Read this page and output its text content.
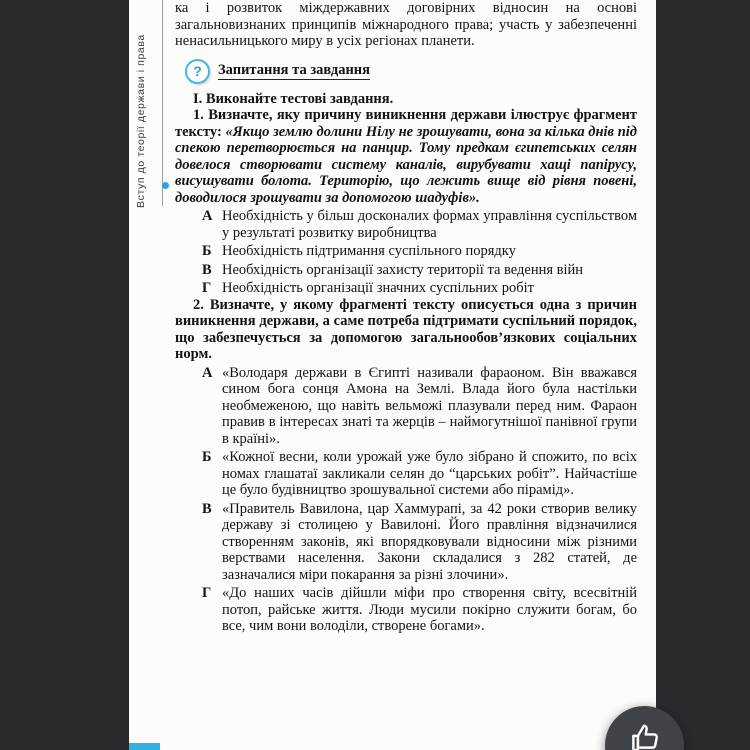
Вступ до теорії держави і права

ка і розвиток міждержавних договірних відносин на основі загальновизнаних принципів міжнародного права; участь у забезпеченні ненасильницького миру в усіх регіонах планети.

?	Запитання та завдання

І. Виконайте тестові завдання.

1. Визначте, яку причину виникнення держави ілюструє фрагмент тексту: «Якщо землю долини Нілу не зрошувати, вона за кілька днів під спекою перетворюється на панцир. Тому предкам єгипетських селян довелося створювати систему каналів, вирубувати хащі папірусу, висушувати болота. Територію, що лежить вище від рівня повені, доводилося зрошувати за допомогою шадуфів».

А Необхідність у більш досконалих формах управління суспільством у результаті розвитку виробництва
Б Необхідність підтримання суспільного порядку
В Необхідність організації захисту території та ведення війн
Г Необхідність організації значних суспільних робіт

2. Визначте, у якому фрагменті тексту описується одна з причин виникнення держави, а саме потреба підтримати суспільний порядок, що забезпечується за допомогою загальнообов’язкових соціальних норм.

А «Володаря держави в Єгипті називали фараоном. Він вважався сином бога сонця Амона на Землі. Влада його була настільки необмеженою, що навіть вельможі плазували перед ним. Фараон правив в інтересах знаті та жерців – наймогутнішої панівної групи в країні».
Б «Кожної весни, коли урожай уже було зібрано й спожито, по всіх номах глашатаї закликали селян до “царських робіт”. Найчастіше це було будівництво зрошувальної системи або пірамід».
В «Правитель Вавилона, цар Хаммурапі, за 42 роки створив велику державу зі столицею у Вавилоні. Його правління відзначилися створенням законів, які впорядковували відносини між різними верствами населення. Закони складалися з 282 статей, де зазначалися міри покарання за різні злочини».
Г «До наших часів дійшли міфи про створення світу, всесвітній потоп, райське життя. Люди мусили покірно служити богам, бо все, чим вони володіли, створене богами».
